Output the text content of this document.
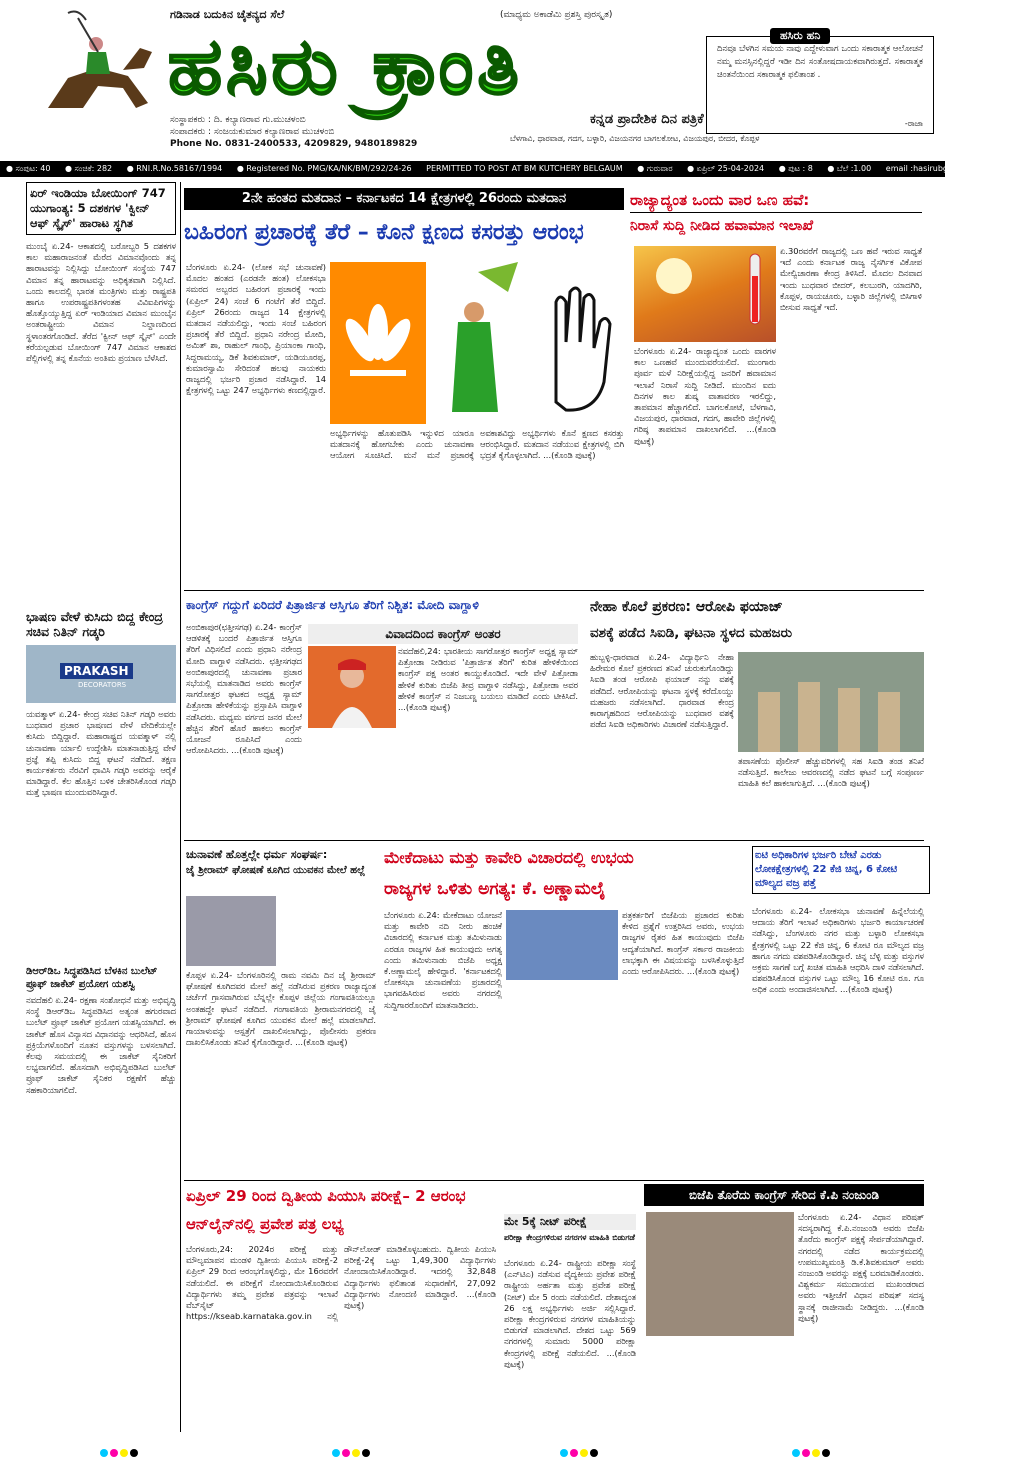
ಗಡಿನಾಡ ಬದುಕಿನ ಚೈತನ್ಯದ ಸೆಲೆ	(ಮಾಧ್ಯಮ ಅಕಾಡೆಮಿ ಪ್ರಶಸ್ತಿ ಪುರಸ್ಕೃತ)
ಹಸಿರು ಕ್ರಾಂತಿ
ಸಂಸ್ಥಾಪಕರು : ದಿ. ಕಲ್ಯಾಣರಾವ ಗು.ಮುಚಳಂಬಿ
ಸಂಪಾದಕರು : ಸಂಜಯಕುಮಾರ ಕಲ್ಯಾಣರಾವ ಮುಚಳಂಬಿ
Phone No. 0831-2400533, 4209829, 9480189829
ಕನ್ನಡ ಪ್ರಾದೇಶಿಕ ದಿನ ಪತ್ರಿಕೆ
ಬೆಳಗಾವಿ, ಧಾರವಾಡ, ಗದಗ, ಬಳ್ಳಾರಿ, ವಿಜಯನಗರ ಬಾಗಲಕೋಟ, ವಿಜಯಪುರ, ಬೀದರ, ಕೊಪ್ಪಳ
ದಿನವೂ ಬೆಳಗಿನ ಸಮಯ ನಾವು ಎದ್ದೇಳುವಾಗ ಒಂದು ಸಕಾರಾತ್ಮಕ ಆಲೋಚನೆ ನಮ್ಮ ಮನಸ್ಸಿನಲ್ಲಿದ್ದರೆ ಇಡೀ ದಿನ ಸಂತೋಷದಾಯಕವಾಗಿರುತ್ತದೆ. ಸಕಾರಾತ್ಮಕ ಚಿಂತನೆಯಿಂದ ಸಕಾರಾತ್ಮಕ ಫಲಿತಾಂಶ .
-ರಾಜಾ
ಹಸಿರು ಹನಿ
● ಸಂಪುಟ: 40 ● ಸಂಚಿಕೆ: 282 ● RNI.R.No.58167/1994 ● Registered No. PMG/KA/NK/BM/292/24-26 PERMITTED TO POST AT BM KUTCHERY BELGAUM ● ಗುರುವಾರ ● ಏಪ್ರಿಲ್ 25-04-2024 ● ಪುಟ : 8 ● ಬೆಲೆ :1.00 email :hasirubgm@gmail.com
ಏರ್ ಇಂಡಿಯಾ ಬೋಯಿಂಗ್ 747 ಯುಗಾಂತ್ಯ: 5 ದಶಕಗಳ 'ಕ್ವೀನ್ ಆಫ್ ಸ್ಕೈಸ್' ಹಾರಾಟ ಸ್ಥಗಿತ
ಮುಂಬೈ ಏ.24- ಆಕಾಶದಲ್ಲಿ ಬರೋಬ್ಬರಿ 5 ದಶಕಗಳ ಕಾಲ ಮಹಾರಾಜನಂತೆ ಮೆರೆದ ವಿಮಾನವೊಂದು ತನ್ನ ಹಾರಾಟವನ್ನು ನಿಲ್ಲಿಸಿದ್ದು ಬೋಯಿಂಗ್ ಸಂಸ್ಥೆಯ 747 ವಿಮಾನ ತನ್ನ ಹಾರಾಟವನ್ನು ಅಧಿಕೃತವಾಗಿ ನಿಲ್ಲಿಸಿದೆ. ಒಂದು ಕಾಲದಲ್ಲಿ ಭಾರತ ಮಂತ್ರಿಗಳು ಮತ್ತು ರಾಷ್ಟ್ರಪತಿ ಹಾಗೂ ಉಪರಾಷ್ಟ್ರಪತಿಗಳಂತಹ ವಿವಿಐಪಿಗಳನ್ನು ಹೊತ್ತೊಯ್ಯುತ್ತಿದ್ದ ಏರ್ ಇಂಡಿಯಾದ ವಿಮಾನ ಮುಂಬೈನ ಅಂತರಾಷ್ಟ್ರೀಯ ವಿಮಾನ ನಿಲ್ದಾಣದಿಂದ ಸ್ಥಳಾಂತರಗೊಂಡಿದೆ. ತೆರೆದ 'ಕ್ವೀನ್ ಆಫ್ ಸ್ಕೈಸ್' ಎಂದೇ ಕರೆಯಲ್ಪಡುವ ಬೋಯಿಂಗ್ 747 ವಿಮಾನ ಆಕಾಶದ ಪೆಲ್ಲಿಗಳಲ್ಲಿ ತನ್ನ ಕೊನೆಯ ಅಂತಿಮ ಪ್ರಯಾಣ ಬೆಳೆಸಿದೆ.
ಭಾಷಣ ವೇಳೆ ಕುಸಿದು ಬಿದ್ದ ಕೇಂದ್ರ ಸಚಿವ ನಿತಿನ್ ಗಡ್ಕರಿ
PRAKASH
DECORATORS
ಯವತ್ಮಾಳ್ ಏ.24- ಕೇಂದ್ರ ಸಚಿವ ನಿತಿನ್ ಗಡ್ಕರಿ ಅವರು ಬುಧವಾರ ಪ್ರಚಾರ ಭಾಷಣದ ವೇಳೆ ವೇದಿಕೆಯಲ್ಲೇ ಕುಸಿದು ಬಿದ್ದಿದ್ದಾರೆ. ಮಹಾರಾಷ್ಟ್ರದ ಯವತ್ಮಾಳ್ ನಲ್ಲಿ ಚುನಾವಣಾ ರ್ಯಾಲಿ ಉದ್ದೇಶಿಸಿ ಮಾತನಾಡುತ್ತಿದ್ದ ವೇಳೆ ಪ್ರಜ್ಞೆ ತಪ್ಪಿ ಕುಸಿದು ಬಿದ್ದ ಘಟನೆ ನಡೆದಿದೆ. ತಕ್ಷಣ ಕಾರ್ಯಕರ್ತರು ನೆರವಿಗೆ ಧಾವಿಸಿ ಗಡ್ಕರಿ ಅವರನ್ನು ಆರೈಕೆ ಮಾಡಿದ್ದಾರೆ. ಕೆಲ ಹೊತ್ತಿನ ಬಳಿಕ ಚೇತರಿಸಿಕೊಂಡ ಗಡ್ಕರಿ ಮತ್ತೆ ಭಾಷಣ ಮುಂದುವರಿಸಿದ್ದಾರೆ.
ಡಿಆರ್‌ಡಿಒ ಸಿದ್ಧಪಡಿಸಿದ ಬೆಳಕಿನ ಬುಲೆಟ್ ಪ್ರೂಫ್ ಜಾಕೆಟ್ ಪ್ರಯೋಗ ಯಶಸ್ವಿ
ನವದೆಹಲಿ ಏ.24- ರಕ್ಷಣಾ ಸಂಶೋಧನೆ ಮತ್ತು ಅಭಿವೃದ್ಧಿ ಸಂಸ್ಥೆ ಡಿಆರ್‌ಡಿಒ ಸಿದ್ಧಪಡಿಸಿದ ಅತ್ಯಂತ ಹಗುರವಾದ ಬುಲೆಟ್ ಪ್ರೂಫ್ ಜಾಕೆಟ್ ಪ್ರಯೋಗ ಯಶಸ್ವಿಯಾಗಿದೆ. ಈ ಜಾಕೆಟ್ ಹೊಸ ವಿನ್ಯಾಸದ ವಿಧಾನವನ್ನು ಆಧರಿಸಿದೆ, ಹೊಸ ಪ್ರಕ್ರಿಯೆಗಳೊಂದಿಗೆ ನೂತನ ವಸ್ತುಗಳನ್ನು ಬಳಸಲಾಗಿದೆ. ಕೆಲವು ಸಮಯದಲ್ಲಿ ಈ ಜಾಕೆಟ್ ಸೈನಿಕರಿಗೆ ಲಭ್ಯವಾಗಲಿದೆ. ಹೊಸದಾಗಿ ಅಭಿವೃದ್ಧಿಪಡಿಸಿದ ಬುಲೆಟ್ ಪ್ರೂಫ್ ಜಾಕೆಟ್ ಸೈನಿಕರ ರಕ್ಷಣೆಗೆ ಹೆಚ್ಚು ಸಹಕಾರಿಯಾಗಲಿದೆ.
2ನೇ ಹಂತದ ಮತದಾನ – ಕರ್ನಾಟಕದ 14 ಕ್ಷೇತ್ರಗಳಲ್ಲಿ 26ರಂದು ಮತದಾನ
ಬಹಿರಂಗ ಪ್ರಚಾರಕ್ಕೆ ತೆರೆ – ಕೊನೆ ಕ್ಷಣದ ಕಸರತ್ತು ಆರಂಭ
ಬೆಂಗಳೂರು ಏ.24- (ಲೋಕ ಸಭೆ ಚುನಾವಣೆ) ಮೊದಲ ಹಂತದ (ಎರಡನೇ ಹಂತ) ಲೋಕಸಭಾ ಸಮರದ ಅಬ್ಬರದ ಬಹಿರಂಗ ಪ್ರಚಾರಕ್ಕೆ ಇಂದು (ಏಪ್ರಿಲ್ 24) ಸಂಜೆ 6 ಗಂಟೆಗೆ ತೆರೆ ಬಿದ್ದಿದೆ. ಏಪ್ರಿಲ್ 26ರಂದು ರಾಜ್ಯದ 14 ಕ್ಷೇತ್ರಗಳಲ್ಲಿ ಮತದಾನ ನಡೆಯಲಿದ್ದು, ಇಂದು ಸಂಜೆ ಬಹಿರಂಗ ಪ್ರಚಾರಕ್ಕೆ ತೆರೆ ಬಿದ್ದಿದೆ. ಪ್ರಧಾನಿ ನರೇಂದ್ರ ಮೋದಿ, ಅಮಿತ್ ಶಾ, ರಾಹುಲ್ ಗಾಂಧಿ, ಪ್ರಿಯಾಂಕಾ ಗಾಂಧಿ, ಸಿದ್ದರಾಮಯ್ಯ, ಡಿಕೆ ಶಿವಕುಮಾರ್, ಯಡಿಯೂರಪ್ಪ, ಕುಮಾರಸ್ವಾಮಿ ಸೇರಿದಂತೆ ಹಲವು ನಾಯಕರು ರಾಜ್ಯದಲ್ಲಿ ಭರ್ಜರಿ ಪ್ರಚಾರ ನಡೆಸಿದ್ದಾರೆ. 14 ಕ್ಷೇತ್ರಗಳಲ್ಲಿ ಒಟ್ಟು 247 ಅಭ್ಯರ್ಥಿಗಳು ಕಣದಲ್ಲಿದ್ದಾರೆ.
ಅಭ್ಯರ್ಥಿಗಳನ್ನು ಹೊತುಪಡಿಸಿ ಇನ್ನುಳಿದ ಯಾರೂ ಮತದಾನಕ್ಕೆ ಹೋಗಬೇಕು ಎಂದು ಚುನಾವಣಾ ಆಯೋಗ ಸೂಚಿಸಿದೆ. ಮನೆ ಮನೆ ಪ್ರಚಾರಕ್ಕೆ ಅವಕಾಶವಿದ್ದು ಅಭ್ಯರ್ಥಿಗಳು ಕೊನೆ ಕ್ಷಣದ ಕಸರತ್ತು ಆರಂಭಿಸಿದ್ದಾರೆ. ಮತದಾನ ನಡೆಯುವ ಕ್ಷೇತ್ರಗಳಲ್ಲಿ ಬಿಗಿ ಭದ್ರತೆ ಕೈಗೊಳ್ಳಲಾಗಿದೆ. ...(ಕೊಂಡಿ ಪುಟಕ್ಕೆ)
ರಾಜ್ಯಾದ್ಯಂತ ಒಂದು ವಾರ ಒಣ ಹವೆ:
ನಿರಾಸೆ ಸುದ್ದಿ ನೀಡಿದ ಹವಾಮಾನ ಇಲಾಖೆ
ಏ.30ರವರೆಗೆ ರಾಜ್ಯದಲ್ಲಿ ಒಣ ಹವೆ ಇರುವ ಸಾಧ್ಯತೆ ಇದೆ ಎಂದು ಕರ್ನಾಟಕ ರಾಜ್ಯ ನೈಸರ್ಗಿಕ ವಿಕೋಪ ಮೇಲ್ವಿಚಾರಣಾ ಕೇಂದ್ರ ತಿಳಿಸಿದೆ. ಮೊದಲ ದಿನವಾದ ಇಂದು ಬುಧವಾರ ಬೀದರ್, ಕಲಬುರಗಿ, ಯಾದಗಿರಿ, ಕೊಪ್ಪಳ, ರಾಯಚೂರು, ಬಳ್ಳಾರಿ ಜಿಲ್ಲೆಗಳಲ್ಲಿ ಬಿಸಿಗಾಳಿ ಬೀಸುವ ಸಾಧ್ಯತೆ ಇದೆ.
ಬೆಂಗಳೂರು ಏ.24- ರಾಜ್ಯಾದ್ಯಂತ ಒಂದು ವಾರಗಳ ಕಾಲ ಒಣಹವೆ ಮುಂದುವರೆಯಲಿದೆ. ಮುಂಗಾರು ಪೂರ್ವ ಮಳೆ ನಿರೀಕ್ಷೆಯಲ್ಲಿದ್ದ ಜನರಿಗೆ ಹವಾಮಾನ ಇಲಾಖೆ ನಿರಾಸೆ ಸುದ್ದಿ ನೀಡಿದೆ. ಮುಂದಿನ ಐದು ದಿನಗಳ ಕಾಲ ಶುಷ್ಕ ವಾತಾವರಣ ಇರಲಿದ್ದು, ತಾಪಮಾನ ಹೆಚ್ಚಾಗಲಿದೆ. ಬಾಗಲಕೋಟೆ, ಬೆಳಗಾವಿ, ವಿಜಯಪುರ, ಧಾರವಾಡ, ಗದಗ, ಹಾವೇರಿ ಜಿಲ್ಲೆಗಳಲ್ಲಿ ಗರಿಷ್ಠ ತಾಪಮಾನ ದಾಖಲಾಗಲಿದೆ. ...(ಕೊಂಡಿ ಪುಟಕ್ಕೆ)
ಕಾಂಗ್ರೆಸ್ ಗದ್ದುಗೆ ಏರಿದರೆ ಪಿತ್ರಾರ್ಜಿತ ಆಸ್ತಿಗೂ ತೆರಿಗೆ ನಿಶ್ಚಿತ: ಮೋದಿ ವಾಗ್ದಾಳಿ
ಅಂಬಿಕಾಪುರ(ಛತ್ತೀಸಗಢ) ಏ.24- ಕಾಂಗ್ರೆಸ್ ಆಡಳಿತಕ್ಕೆ ಬಂದರೆ ಪಿತ್ರಾರ್ಜಿತ ಆಸ್ತಿಗೂ ತೆರಿಗೆ ವಿಧಿಸಲಿದೆ ಎಂದು ಪ್ರಧಾನಿ ನರೇಂದ್ರ ಮೋದಿ ವಾಗ್ದಾಳಿ ನಡೆಸಿದರು. ಛತ್ತೀಸಗಢದ ಅಂಬಿಕಾಪುರದಲ್ಲಿ ಚುನಾವಣಾ ಪ್ರಚಾರ ಸಭೆಯಲ್ಲಿ ಮಾತನಾಡಿದ ಅವರು ಕಾಂಗ್ರೆಸ್ ಸಾಗರೋತ್ತರ ಘಟಕದ ಅಧ್ಯಕ್ಷ ಸ್ಯಾಮ್ ಪಿತ್ರೋಡಾ ಹೇಳಿಕೆಯನ್ನು ಪ್ರಸ್ತಾಪಿಸಿ ವಾಗ್ದಾಳಿ ನಡೆಸಿದರು. ಮಧ್ಯಮ ವರ್ಗದ ಜನರ ಮೇಲೆ ಹೆಚ್ಚಿನ ತೆರಿಗೆ ಹೊರೆ ಹಾಕಲು ಕಾಂಗ್ರೆಸ್ ಯೋಜನೆ ರೂಪಿಸಿದೆ ಎಂದು ಆರೋಪಿಸಿದರು. ...(ಕೊಂಡಿ ಪುಟಕ್ಕೆ)
ವಿವಾದದಿಂದ ಕಾಂಗ್ರೆಸ್ ಅಂತರ
ನವದೆಹಲಿ,24: ಭಾರತೀಯ ಸಾಗರೋತ್ತರ ಕಾಂಗ್ರೆಸ್ ಅಧ್ಯಕ್ಷ ಸ್ಯಾಮ್ ಪಿತ್ರೋಡಾ ನೀಡಿರುವ 'ಪಿತ್ರಾರ್ಜಿತ ತೆರಿಗೆ' ಕುರಿತ ಹೇಳಿಕೆಯಿಂದ ಕಾಂಗ್ರೆಸ್ ಪಕ್ಷ ಅಂತರ ಕಾಯ್ದುಕೊಂಡಿದೆ. ಇದೇ ವೇಳೆ ಪಿತ್ರೋಡಾ ಹೇಳಿಕೆ ಕುರಿತು ಬಿಜೆಪಿ ತೀವ್ರ ವಾಗ್ದಾಳಿ ನಡೆಸಿದ್ದು, ಪಿತ್ರೋಡಾ ಅವರ ಹೇಳಿಕೆ ಕಾಂಗ್ರೆಸ್ ನ ನಿಜಬಣ್ಣ ಬಯಲು ಮಾಡಿದೆ ಎಂದು ಟೀಕಿಸಿದೆ. ...(ಕೊಂಡಿ ಪುಟಕ್ಕೆ)
ನೇಹಾ ಕೊಲೆ ಪ್ರಕರಣ: ಆರೋಪಿ ಫಯಾಜ್
ವಶಕ್ಕೆ ಪಡೆದ ಸಿಐಡಿ, ಘಟನಾ ಸ್ಥಳದ ಮಹಜರು
ಹುಬ್ಬಳ್ಳಿ-ಧಾರವಾಡ ಏ.24- ವಿದ್ಯಾರ್ಥಿನಿ ನೇಹಾ ಹಿರೇಮಠ ಕೊಲೆ ಪ್ರಕರಣದ ತನಿಖೆ ಚುರುಕುಗೊಂಡಿದ್ದು ಸಿಐಡಿ ತಂಡ ಆರೋಪಿ ಫಯಾಜ್ ನನ್ನು ವಶಕ್ಕೆ ಪಡೆದಿದೆ. ಆರೋಪಿಯನ್ನು ಘಟನಾ ಸ್ಥಳಕ್ಕೆ ಕರೆದೊಯ್ದು ಮಹಜರು ನಡೆಸಲಾಗಿದೆ. ಧಾರವಾಡ ಕೇಂದ್ರ ಕಾರಾಗೃಹದಿಂದ ಆರೋಪಿಯನ್ನು ಬುಧವಾರ ವಶಕ್ಕೆ ಪಡೆದ ಸಿಐಡಿ ಅಧಿಕಾರಿಗಳು ವಿಚಾರಣೆ ನಡೆಸುತ್ತಿದ್ದಾರೆ.
ತಪಾಸಣೆಯ ಪೊಲೀಸ್ ಹೆಚ್ಚುವರಿಗಳಲ್ಲಿ ಸಹ ಸಿಐಡಿ ತಂಡ ತನಿಖೆ ನಡೆಸುತ್ತಿದೆ. ಕಾಲೇಜು ಆವರಣದಲ್ಲಿ ನಡೆದ ಘಟನೆ ಬಗ್ಗೆ ಸಂಪೂರ್ಣ ಮಾಹಿತಿ ಕಲೆ ಹಾಕಲಾಗುತ್ತಿದೆ. ...(ಕೊಂಡಿ ಪುಟಕ್ಕೆ)
ಚುನಾವಣೆ ಹೊತ್ತಲ್ಲೇ ಧರ್ಮ ಸಂಘರ್ಷ:
ಜೈ ಶ್ರೀರಾಮ್ ಘೋಷಣೆ ಕೂಗಿದ ಯುವಕನ ಮೇಲೆ ಹಲ್ಲೆ
ಕೊಪ್ಪಳ ಏ.24- ಬೆಂಗಳೂರಿನಲ್ಲಿ ರಾಮ ನವಮಿ ದಿನ ಜೈ ಶ್ರೀರಾಮ್ ಘೋಷಣೆ ಕೂಗಿದವರ ಮೇಲೆ ಹಲ್ಲೆ ನಡೆಸಿರುವ ಪ್ರಕರಣ ರಾಜ್ಯಾದ್ಯಂತ ಚರ್ಚೆಗೆ ಗ್ರಾಸವಾಗಿರುವ ಬೆನ್ನಲ್ಲೇ ಕೊಪ್ಪಳ ಜಿಲ್ಲೆಯ ಗಂಗಾವತಿಯಲ್ಲೂ ಅಂತಹದ್ದೇ ಘಟನೆ ನಡೆದಿದೆ. ಗಂಗಾವತಿಯ ಶ್ರೀರಾಮನಗರದಲ್ಲಿ ಜೈ ಶ್ರೀರಾಮ್ ಘೋಷಣೆ ಕೂಗಿದ ಯುವಕನ ಮೇಲೆ ಹಲ್ಲೆ ಮಾಡಲಾಗಿದೆ. ಗಾಯಾಳುವನ್ನು ಆಸ್ಪತ್ರೆಗೆ ದಾಖಲಿಸಲಾಗಿದ್ದು, ಪೊಲೀಸರು ಪ್ರಕರಣ ದಾಖಲಿಸಿಕೊಂಡು ತನಿಖೆ ಕೈಗೊಂಡಿದ್ದಾರೆ. ...(ಕೊಂಡಿ ಪುಟಕ್ಕೆ)
ಮೇಕೆದಾಟು ಮತ್ತು ಕಾವೇರಿ ವಿಚಾರದಲ್ಲಿ ಉಭಯ
ರಾಜ್ಯಗಳ ಒಳಿತು ಅಗತ್ಯ: ಕೆ. ಅಣ್ಣಾಮಲೈ
ಬೆಂಗಳೂರು ಏ.24: ಮೇಕೆದಾಟು ಯೋಜನೆ ಮತ್ತು ಕಾವೇರಿ ನದಿ ನೀರು ಹಂಚಿಕೆ ವಿಚಾರದಲ್ಲಿ ಕರ್ನಾಟಕ ಮತ್ತು ತಮಿಳುನಾಡು ಎರಡೂ ರಾಜ್ಯಗಳ ಹಿತ ಕಾಯುವುದು ಅಗತ್ಯ ಎಂದು ತಮಿಳುನಾಡು ಬಿಜೆಪಿ ಅಧ್ಯಕ್ಷ ಕೆ.ಅಣ್ಣಾಮಲೈ ಹೇಳಿದ್ದಾರೆ. 'ಕರ್ನಾಟಕದಲ್ಲಿ ಲೋಕಸಭಾ ಚುನಾವಣೆಯ ಪ್ರಚಾರದಲ್ಲಿ ಭಾಗವಹಿಸಿರುವ ಅವರು ನಗರದಲ್ಲಿ ಸುದ್ದಿಗಾರರೊಂದಿಗೆ ಮಾತನಾಡಿದರು.
ಪತ್ರಕರ್ತರಿಗೆ ಬಿಜೆಪಿಯ ಪ್ರಚಾರದ ಕುರಿತು ಕೇಳಿದ ಪ್ರಶ್ನೆಗೆ ಉತ್ತರಿಸಿದ ಅವರು, ಉಭಯ ರಾಜ್ಯಗಳ ರೈತರ ಹಿತ ಕಾಯುವುದು ಬಿಜೆಪಿ ಆದ್ಯತೆಯಾಗಿದೆ. ಕಾಂಗ್ರೆಸ್ ಸರ್ಕಾರ ರಾಜಕೀಯ ಲಾಭಕ್ಕಾಗಿ ಈ ವಿಷಯವನ್ನು ಬಳಸಿಕೊಳ್ಳುತ್ತಿದೆ ಎಂದು ಆರೋಪಿಸಿದರು. ...(ಕೊಂಡಿ ಪುಟಕ್ಕೆ)
ಐಟಿ ಅಧಿಕಾರಿಗಳ ಭರ್ಜರಿ ಬೇಟೆ ಎರಡು ಲೋಕಕ್ಷೇತ್ರಗಳಲ್ಲಿ 22 ಕೆಜಿ ಚಿನ್ನ, 6 ಕೋಟಿ ಮೌಲ್ಯದ ವಜ್ರ ಪತ್ತೆ
ಬೆಂಗಳೂರು ಏ.24- ಲೋಕಸಭಾ ಚುನಾವಣೆ ಹಿನ್ನೆಲೆಯಲ್ಲಿ ಆದಾಯ ತೆರಿಗೆ ಇಲಾಖೆ ಅಧಿಕಾರಿಗಳು ಭರ್ಜರಿ ಕಾರ್ಯಾಚರಣೆ ನಡೆಸಿದ್ದು, ಬೆಂಗಳೂರು ನಗರ ಮತ್ತು ಬಳ್ಳಾರಿ ಲೋಕಸಭಾ ಕ್ಷೇತ್ರಗಳಲ್ಲಿ ಒಟ್ಟು 22 ಕೆಜಿ ಚಿನ್ನ, 6 ಕೋಟಿ ರೂ ಮೌಲ್ಯದ ವಜ್ರ ಹಾಗೂ ನಗದು ವಶಪಡಿಸಿಕೊಂಡಿದ್ದಾರೆ. ಚಿನ್ನ ಬೆಳ್ಳಿ ಮತ್ತು ವಸ್ತುಗಳ ಅಕ್ರಮ ಸಾಗಣೆ ಬಗ್ಗೆ ಖಚಿತ ಮಾಹಿತಿ ಆಧರಿಸಿ ದಾಳಿ ನಡೆಸಲಾಗಿದೆ. ವಶಪಡಿಸಿಕೊಂಡ ವಸ್ತುಗಳ ಒಟ್ಟು ಮೌಲ್ಯ 16 ಕೋಟಿ ರೂ. ಗೂ ಅಧಿಕ ಎಂದು ಅಂದಾಜಿಸಲಾಗಿದೆ. ...(ಕೊಂಡಿ ಪುಟಕ್ಕೆ)
ಏಪ್ರಿಲ್ 29 ರಿಂದ ದ್ವಿತೀಯ ಪಿಯುಸಿ ಪರೀಕ್ಷೆ– 2 ಆರಂಭ
ಆನ್‌ಲೈನ್‌ನಲ್ಲಿ ಪ್ರವೇಶ ಪತ್ರ ಲಭ್ಯ
ಬೆಂಗಳೂರು,24: 2024ರ ಪರೀಕ್ಷೆ ಮತ್ತು ಮೌಲ್ಯಮಾಪನ ಮಂಡಳಿ ದ್ವಿತೀಯ ಪಿಯುಸಿ ಪರೀಕ್ಷೆ-2 ಏಪ್ರಿಲ್ 29 ರಿಂದ ಆರಂಭಗೊಳ್ಳಲಿದ್ದು, ಮೇ 16ರವರೆಗೆ ನಡೆಯಲಿದೆ. ಈ ಪರೀಕ್ಷೆಗೆ ನೋಂದಾಯಿಸಿಕೊಂಡಿರುವ ವಿದ್ಯಾರ್ಥಿಗಳು ತಮ್ಮ ಪ್ರವೇಶ ಪತ್ರವನ್ನು ಇಲಾಖೆ ವೆಬ್‌ಸೈಟ್ https://kseab.karnataka.gov.in ನಲ್ಲಿ ಡೌನ್‌ಲೋಡ್ ಮಾಡಿಕೊಳ್ಳಬಹುದು. ದ್ವಿತೀಯ ಪಿಯುಸಿ ಪರೀಕ್ಷೆ-2ಕ್ಕೆ ಒಟ್ಟು 1,49,300 ವಿದ್ಯಾರ್ಥಿಗಳು ನೋಂದಾಯಿಸಿಕೊಂಡಿದ್ದಾರೆ. ಇದರಲ್ಲಿ 32,848 ವಿದ್ಯಾರ್ಥಿಗಳು ಫಲಿತಾಂಶ ಸುಧಾರಣೆಗೆ, 27,092 ವಿದ್ಯಾರ್ಥಿಗಳು ನೋಂದಣಿ ಮಾಡಿದ್ದಾರೆ. ...(ಕೊಂಡಿ ಪುಟಕ್ಕೆ)
ಮೇ 5ಕ್ಕೆ ನೀಟ್ ಪರೀಕ್ಷೆ
ಪರೀಕ್ಷಾ ಕೇಂದ್ರಗಳಿರುವ ನಗರಗಳ ಮಾಹಿತಿ ಬಿಡುಗಡೆ
ಬೆಂಗಳೂರು ಏ.24- ರಾಷ್ಟ್ರೀಯ ಪರೀಕ್ಷಾ ಸಂಸ್ಥೆ (ಎನ್‌ಟಿಎ) ನಡೆಸುವ ವೈದ್ಯಕೀಯ ಪ್ರವೇಶ ಪರೀಕ್ಷೆ ರಾಷ್ಟ್ರೀಯ ಅರ್ಹತಾ ಮತ್ತು ಪ್ರವೇಶ ಪರೀಕ್ಷೆ (ನೀಟ್) ಮೇ 5 ರಂದು ನಡೆಯಲಿದೆ. ದೇಶಾದ್ಯಂತ 26 ಲಕ್ಷ ಅಭ್ಯರ್ಥಿಗಳು ಅರ್ಜಿ ಸಲ್ಲಿಸಿದ್ದಾರೆ. ಪರೀಕ್ಷಾ ಕೇಂದ್ರಗಳಿರುವ ನಗರಗಳ ಮಾಹಿತಿಯನ್ನು ಬಿಡುಗಡೆ ಮಾಡಲಾಗಿದೆ. ದೇಶದ ಒಟ್ಟು 569 ನಗರಗಳಲ್ಲಿ ಸುಮಾರು 5000 ಪರೀಕ್ಷಾ ಕೇಂದ್ರಗಳಲ್ಲಿ ಪರೀಕ್ಷೆ ನಡೆಯಲಿದೆ. ...(ಕೊಂಡಿ ಪುಟಕ್ಕೆ)
ಬಿಜೆಪಿ ತೊರೆದು ಕಾಂಗ್ರೆಸ್ ಸೇರಿದ ಕೆ.ಪಿ ನಂಜುಂಡಿ
ಬೆಂಗಳೂರು ಏ.24- ವಿಧಾನ ಪರಿಷತ್ ಸದಸ್ಯರಾಗಿದ್ದ ಕೆ.ಪಿ.ನಂಜುಂಡಿ ಅವರು ಬಿಜೆಪಿ ತೊರೆದು ಕಾಂಗ್ರೆಸ್ ಪಕ್ಷಕ್ಕೆ ಸೇರ್ಪಡೆಯಾಗಿದ್ದಾರೆ. ನಗರದಲ್ಲಿ ನಡೆದ ಕಾರ್ಯಕ್ರಮದಲ್ಲಿ ಉಪಮುಖ್ಯಮಂತ್ರಿ ಡಿ.ಕೆ.ಶಿವಕುಮಾರ್ ಅವರು ನಂಜುಂಡಿ ಅವರನ್ನು ಪಕ್ಷಕ್ಕೆ ಬರಮಾಡಿಕೊಂಡರು. ವಿಶ್ವಕರ್ಮ ಸಮುದಾಯದ ಮುಖಂಡರಾದ ಅವರು ಇತ್ತೀಚೆಗೆ ವಿಧಾನ ಪರಿಷತ್ ಸದಸ್ಯ ಸ್ಥಾನಕ್ಕೆ ರಾಜೀನಾಮೆ ನೀಡಿದ್ದರು. ...(ಕೊಂಡಿ ಪುಟಕ್ಕೆ)
